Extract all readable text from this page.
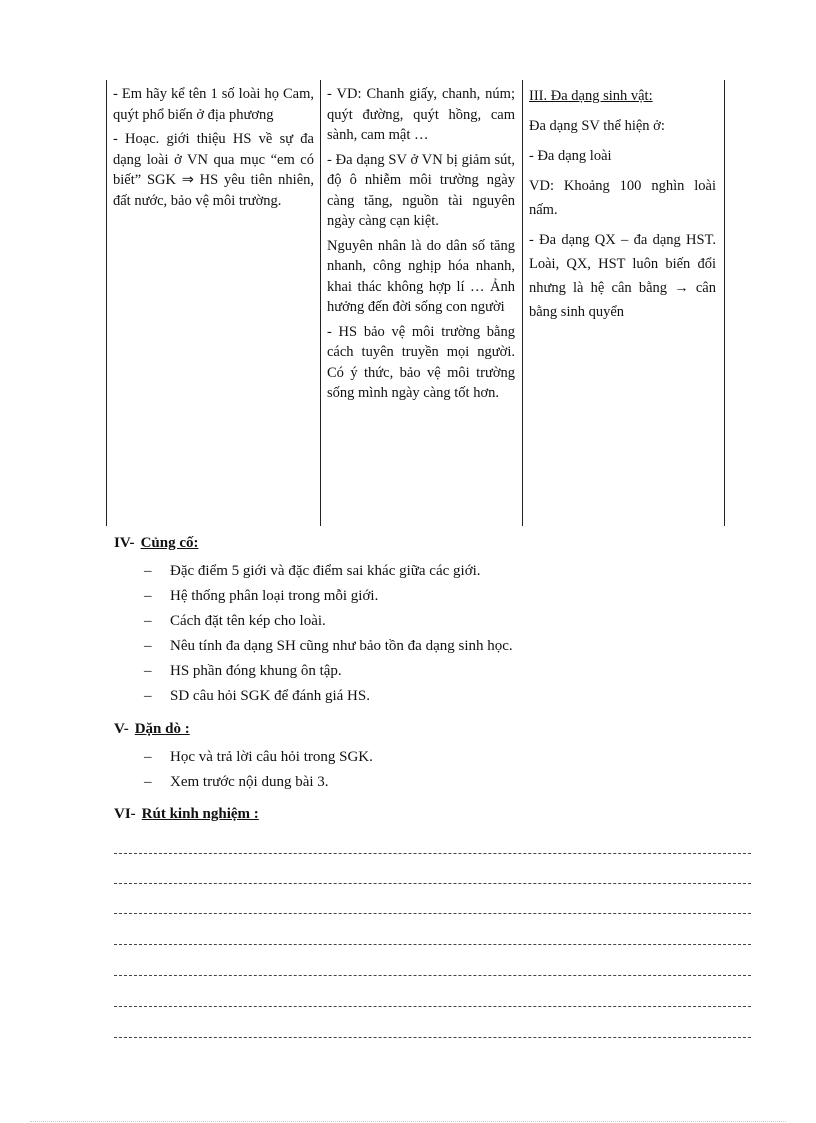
- Em hãy kể tên 1 số loài họ Cam, quýt phổ biến ở địa phương

- Hoạc. giới thiệu HS về sự đa dạng loài ở VN qua mục “em có biết” SGK ⇒ HS yêu tiên nhiên, đất nước, bảo vệ môi trường.

- VD: Chanh giấy, chanh, núm; quýt đường, quýt hồng, cam sành, cam mật …

- Đa dạng SV ở VN bị giảm sút, độ ô nhiễm môi trường ngày càng tăng, nguồn tài nguyên ngày càng cạn kiệt.

Nguyên nhân là do dân số tăng nhanh, công nghịp hóa nhanh, khai thác không hợp lí … Ảnh hưởng đến đời sống con người

- HS bảo vệ môi trường bằng cách tuyên truyền mọi người. Có ý thức, bảo vệ môi trường sống mình ngày càng tốt hơn.

III. Đa dạng sinh vật:

Đa dạng SV thể hiện ở:

- Đa dạng loài

VD: Khoảng 100 nghìn loài nấm.

- Đa dạng QX – đa dạng HST. Loài, QX, HST luôn biến đổi nhưng là hệ cân bằng → cân bằng sinh quyển

IV- Củng cố:
– Đặc điểm 5 giới và đặc điểm sai khác giữa các giới.
– Hệ thống phân loại trong mỗi giới.
– Cách đặt tên kép cho loài.
– Nêu tính đa dạng SH cũng như bảo tồn đa dạng sinh học.
– HS phần đóng khung ôn tập.
– SD câu hỏi SGK để đánh giá HS.
V- Dặn dò :
– Học và trả lời câu hỏi trong SGK.
– Xem trước nội dung bài 3.
VI- Rút kinh nghiệm :
